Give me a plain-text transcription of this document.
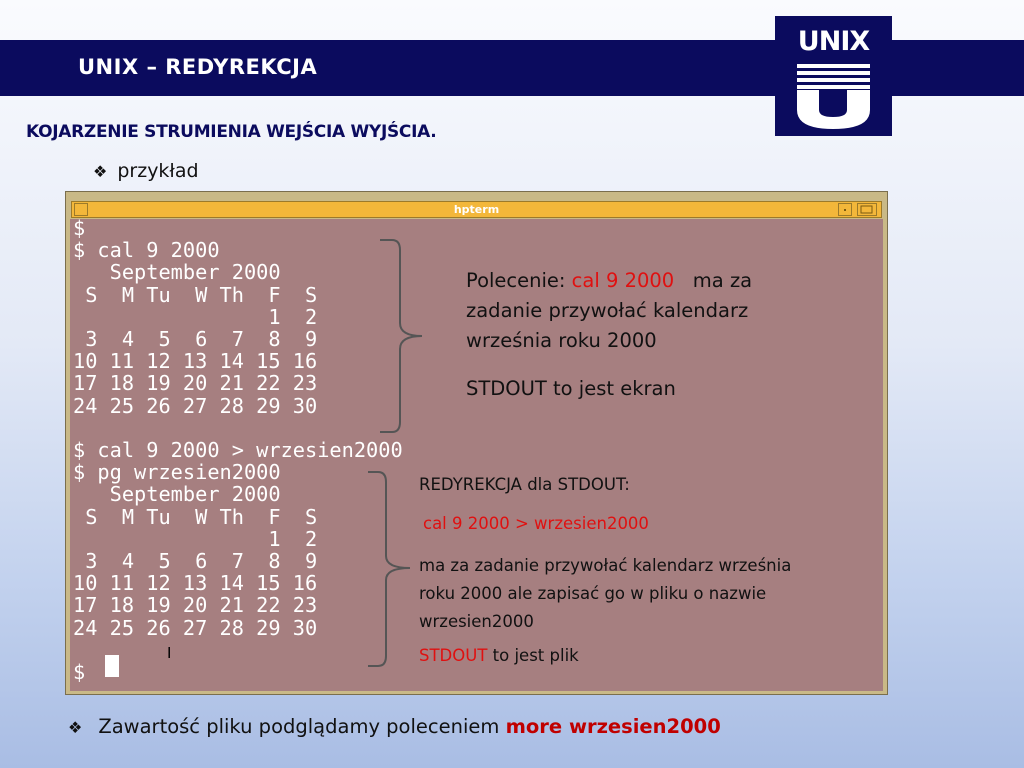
UNIX – REDYREKCJA
UNIX
KOJARZENIE STRUMIENIA WEJŚCIA WYJŚCIA.
❖ przykład
hpterm
$
$ cal 9 2000
September 2000
S  M Tu  W Th  F  S
1  2
3  4  5  6  7  8  9
10 11 12 13 14 15 16
17 18 19 20 21 22 23
24 25 26 27 28 29 30
$ cal 9 2000 > wrzesien2000
$ pg wrzesien2000
September 2000
S  M Tu  W Th  F  S
1  2
3  4  5  6  7  8  9
10 11 12 13 14 15 16
17 18 19 20 21 22 23
24 25 26 27 28 29 30
$
Ⅰ
Polecenie: cal 9 2000   ma za
zadanie przywołać kalendarz
września roku 2000
STDOUT to jest ekran
REDYREKCJA dla STDOUT:
cal 9 2000 > wrzesien2000
ma za zadanie przywołać kalendarz września
roku 2000 ale zapisać go w pliku o nazwie
wrzesien2000
STDOUT to jest plik
❖ Zawartość pliku podglądamy poleceniem more wrzesien2000
